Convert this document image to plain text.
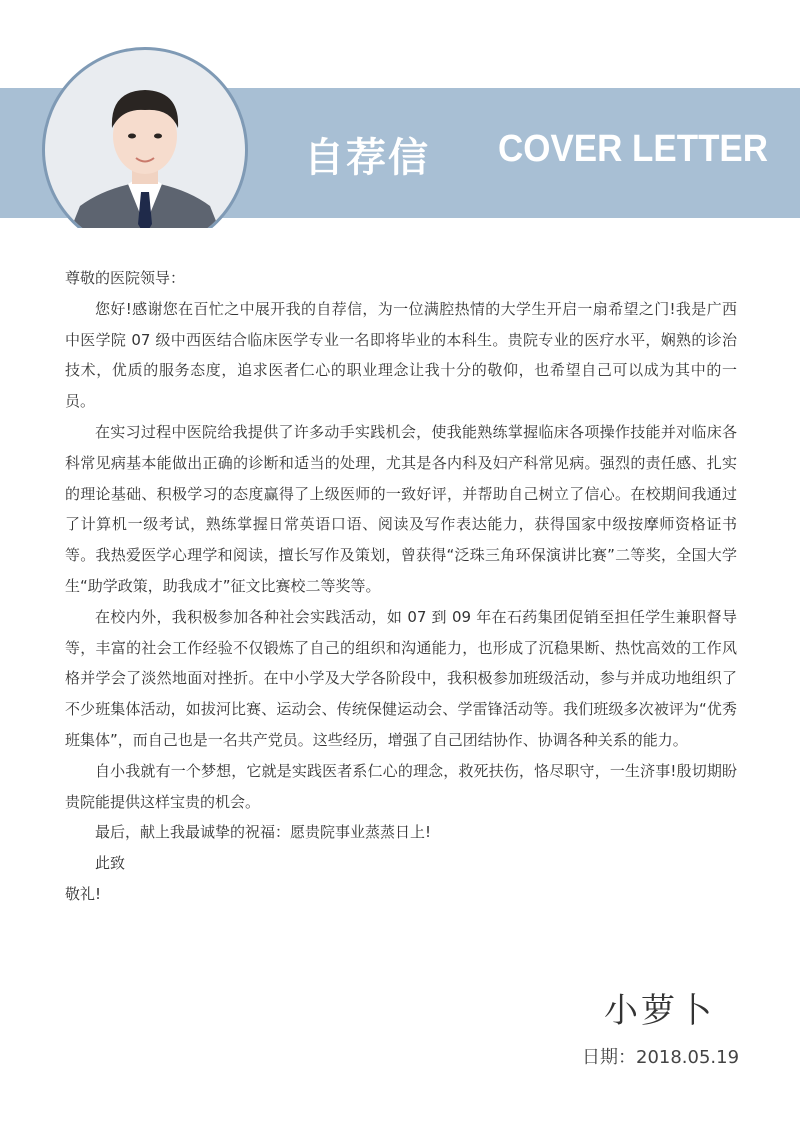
自荐信 COVER LETTER

尊敬的医院领导：

您好!感谢您在百忙之中展开我的自荐信，为一位满腔热情的大学生开启一扇希望之门!我是广西中医学院 07 级中西医结合临床医学专业一名即将毕业的本科生。贵院专业的医疗水平，娴熟的诊治技术，优质的服务态度，追求医者仁心的职业理念让我十分的敬仰，也希望自己可以成为其中的一员。

在实习过程中医院给我提供了许多动手实践机会，使我能熟练掌握临床各项操作技能并对临床各科常见病基本能做出正确的诊断和适当的处理，尤其是各内科及妇产科常见病。强烈的责任感、扎实的理论基础、积极学习的态度赢得了上级医师的一致好评，并帮助自己树立了信心。在校期间我通过了计算机一级考试，熟练掌握日常英语口语、阅读及写作表达能力，获得国家中级按摩师资格证书等。我热爱医学心理学和阅读，擅长写作及策划，曾获得“泛珠三角环保演讲比赛”二等奖，全国大学生“助学政策，助我成才”征文比赛校二等奖等。

在校内外，我积极参加各种社会实践活动，如 07 到 09 年在石药集团促销至担任学生兼职督导等，丰富的社会工作经验不仅锻炼了自己的组织和沟通能力，也形成了沉稳果断、热忱高效的工作风格并学会了淡然地面对挫折。在中小学及大学各阶段中，我积极参加班级活动，参与并成功地组织了不少班集体活动，如拔河比赛、运动会、传统保健运动会、学雷锋活动等。我们班级多次被评为“优秀班集体”，而自己也是一名共产党员。这些经历，增强了自己团结协作、协调各种关系的能力。

自小我就有一个梦想，它就是实践医者系仁心的理念，救死扶伤，恪尽职守，一生济事!殷切期盼贵院能提供这样宝贵的机会。

最后，献上我最诚挚的祝福：愿贵院事业蒸蒸日上!

此致

敬礼!

小萝卜
日期：2018.05.19
